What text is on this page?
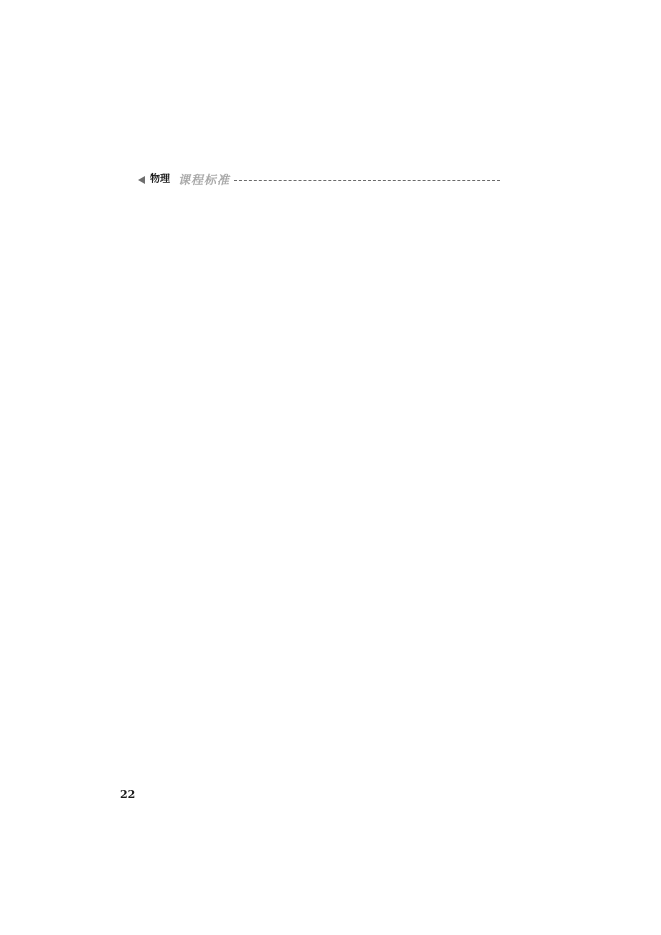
物理 课程标准

22
